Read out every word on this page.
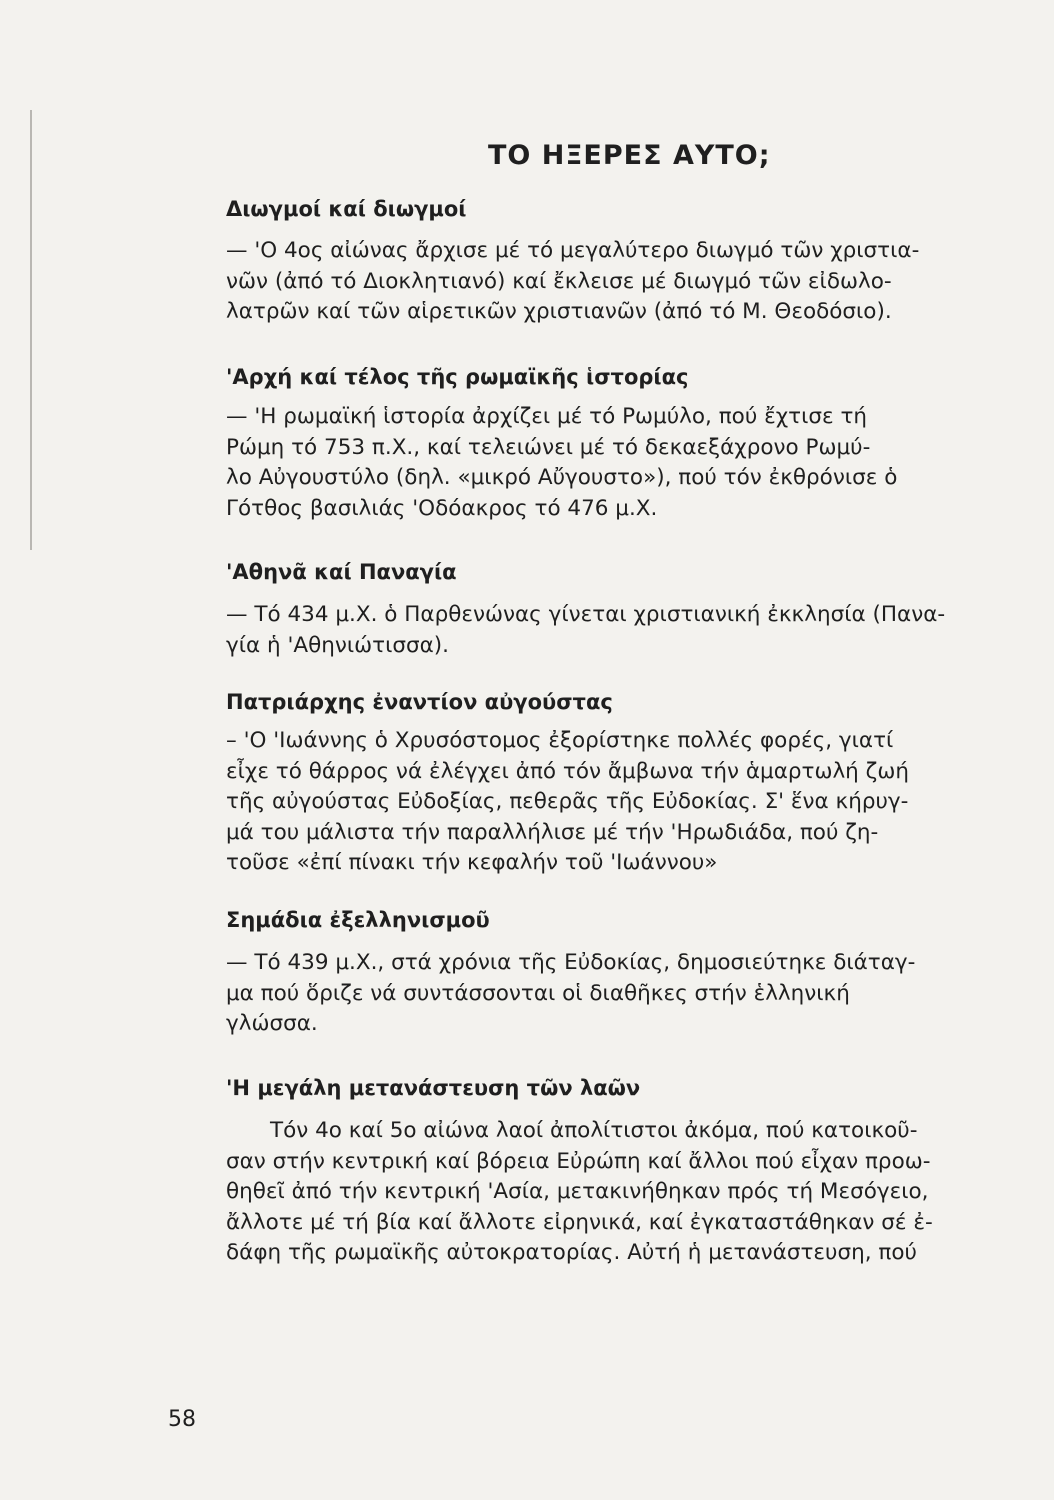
ΤΟ ΗΞΕΡΕΣ ΑΥΤΟ;
Διωγμοί καί διωγμοί
— 'Ο 4ος αἰώνας ἄρχισε μέ τό μεγαλύτερο διωγμό τῶν χριστια-
νῶν (ἀπό τό Διοκλητιανό) καί ἔκλεισε μέ διωγμό τῶν εἰδωλο-
λατρῶν καί τῶν αἱρετικῶν χριστιανῶν (ἀπό τό Μ. Θεοδόσιο).
'Αρχή καί τέλος τῆς ρωμαϊκῆς ἱστορίας
— 'Η ρωμαϊκή ἱστορία ἀρχίζει μέ τό Ρωμύλο, πού ἔχτισε τή
Ρώμη τό 753 π.Χ., καί τελειώνει μέ τό δεκαεξάχρονο Ρωμύ-
λο Αὐγουστύλο (δηλ. «μικρό Αὔγουστο»), πού τόν ἐκθρόνισε ὁ
Γότθος βασιλιάς 'Οδόακρος τό 476 μ.Χ.
'Αθηνᾶ καί Παναγία
— Τό 434 μ.Χ. ὁ Παρθενώνας γίνεται χριστιανική ἐκκλησία (Πανα-
γία ἡ 'Αθηνιώτισσα).
Πατριάρχης ἐναντίον αὐγούστας
– 'Ο 'Ιωάννης ὁ Χρυσόστομος ἐξορίστηκε πολλές φορές, γιατί
εἶχε τό θάρρος νά ἐλέγχει ἀπό τόν ἄμβωνα τήν ἁμαρτωλή ζωή
τῆς αὐγούστας Εὐδοξίας, πεθερᾶς τῆς Εὐδοκίας. Σ' ἕνα κήρυγ-
μά του μάλιστα τήν παραλλήλισε μέ τήν 'Ηρωδιάδα, πού ζη-
τοῦσε «ἐπί πίνακι τήν κεφαλήν τοῦ 'Ιωάννου»
Σημάδια ἐξελληνισμοῦ
— Τό 439 μ.Χ., στά χρόνια τῆς Εὐδοκίας, δημοσιεύτηκε διάταγ-
μα πού ὅριζε νά συντάσσονται οἱ διαθῆκες στήν ἑλληνική
γλώσσα.
'Η μεγάλη μετανάστευση τῶν λαῶν
Τόν 4ο καί 5ο αἰώνα λαοί ἀπολίτιστοι ἀκόμα, πού κατοικοῦ-
σαν στήν κεντρική καί βόρεια Εὐρώπη καί ἄλλοι πού εἶχαν προω-
θηθεῖ ἀπό τήν κεντρική 'Ασία, μετακινήθηκαν πρός τή Μεσόγειο,
ἄλλοτε μέ τή βία καί ἄλλοτε εἰρηνικά, καί ἐγκαταστάθηκαν σέ ἐ-
δάφη τῆς ρωμαϊκῆς αὐτοκρατορίας. Αὐτή ἡ μετανάστευση, πού
58
